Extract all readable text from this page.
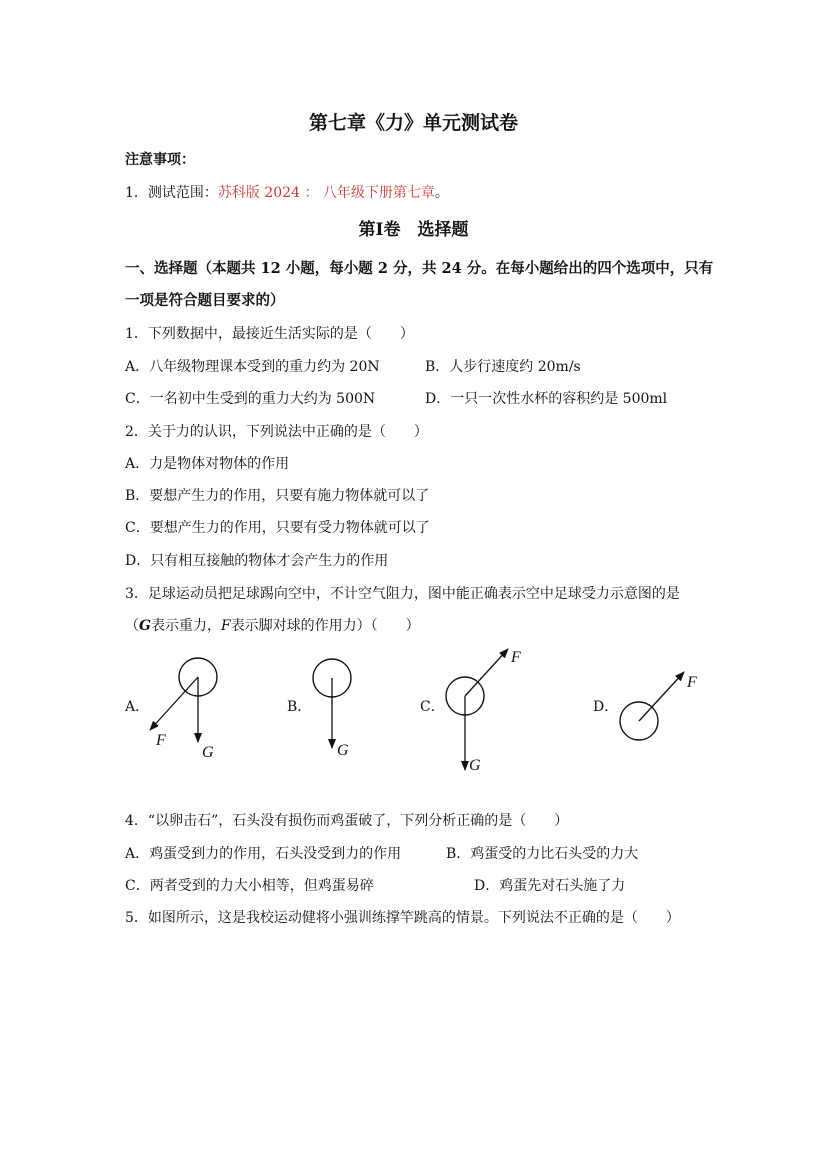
第七章《力》单元测试卷
注意事项：
1．测试范围：苏科版 2024 ： 八年级下册第七章。
第Ⅰ卷　选择题
一、选择题（本题共 12 小题，每小题 2 分，共 24 分。在每小题给出的四个选项中，只有
一项是符合题目要求的）
1．下列数据中，最接近生活实际的是（　　）
A．八年级物理课本受到的重力约为 20N	B．人步行速度约 20m/s
C．一名初中生受到的重力大约为 500N	D．一只一次性水杯的容积约是 500ml
2．关于力的认识，下列说法中正确的是（　　）
A．力是物体对物体的作用
B．要想产生力的作用，只要有施力物体就可以了
C．要想产生力的作用，只要有受力物体就可以了
D．只有相互接触的物体才会产生力的作用
3．足球运动员把足球踢向空中，不计空气阻力，图中能正确表示空中足球受力示意图的是
（G表示重力，F表示脚对球的作用力）（　　）
A．	B．	C．	D．
F
G	G
F
G
F
4．“以卵击石”，石头没有损伤而鸡蛋破了，下列分析正确的是（　　）
A．鸡蛋受到力的作用，石头没受到力的作用	B．鸡蛋受的力比石头受的力大
C．两者受到的力大小相等，但鸡蛋易碎	D．鸡蛋先对石头施了力
5．如图所示，这是我校运动健将小强训练撑竿跳高的情景。下列说法不正确的是（　　）
